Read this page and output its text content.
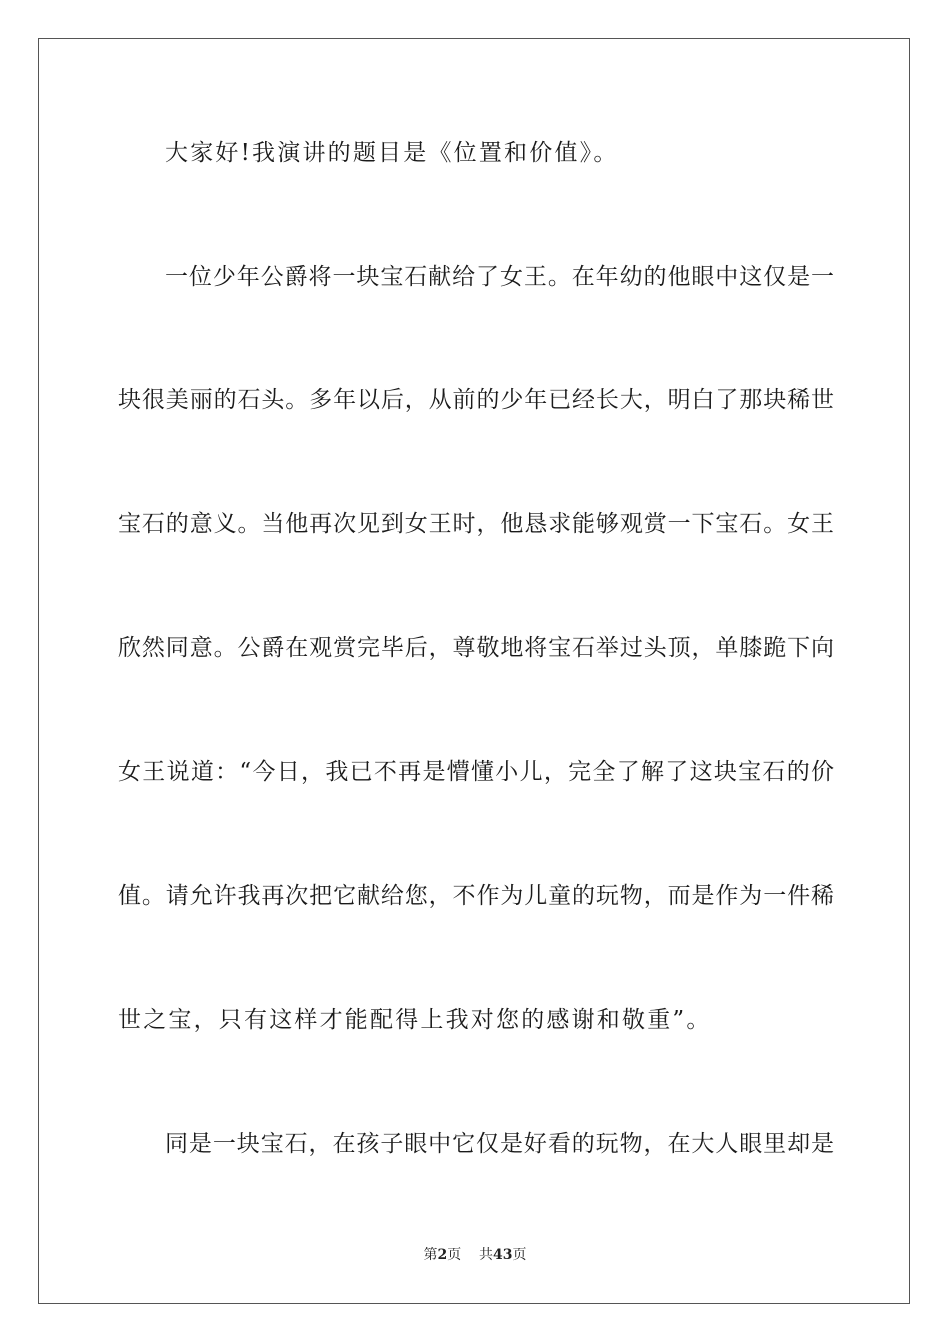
大家好!我演讲的题目是《位置和价值》。
一位少年公爵将一块宝石献给了女王。在年幼的他眼中这仅是一
块很美丽的石头。多年以后，从前的少年已经长大，明白了那块稀世
宝石的意义。当他再次见到女王时，他恳求能够观赏一下宝石。女王
欣然同意。公爵在观赏完毕后，尊敬地将宝石举过头顶，单膝跪下向
女王说道：“今日，我已不再是懵懂小儿，完全了解了这块宝石的价
值。请允许我再次把它献给您，不作为儿童的玩物，而是作为一件稀
世之宝，只有这样才能配得上我对您的感谢和敬重”。
同是一块宝石，在孩子眼中它仅是好看的玩物，在大人眼里却是
第2页 共43页
